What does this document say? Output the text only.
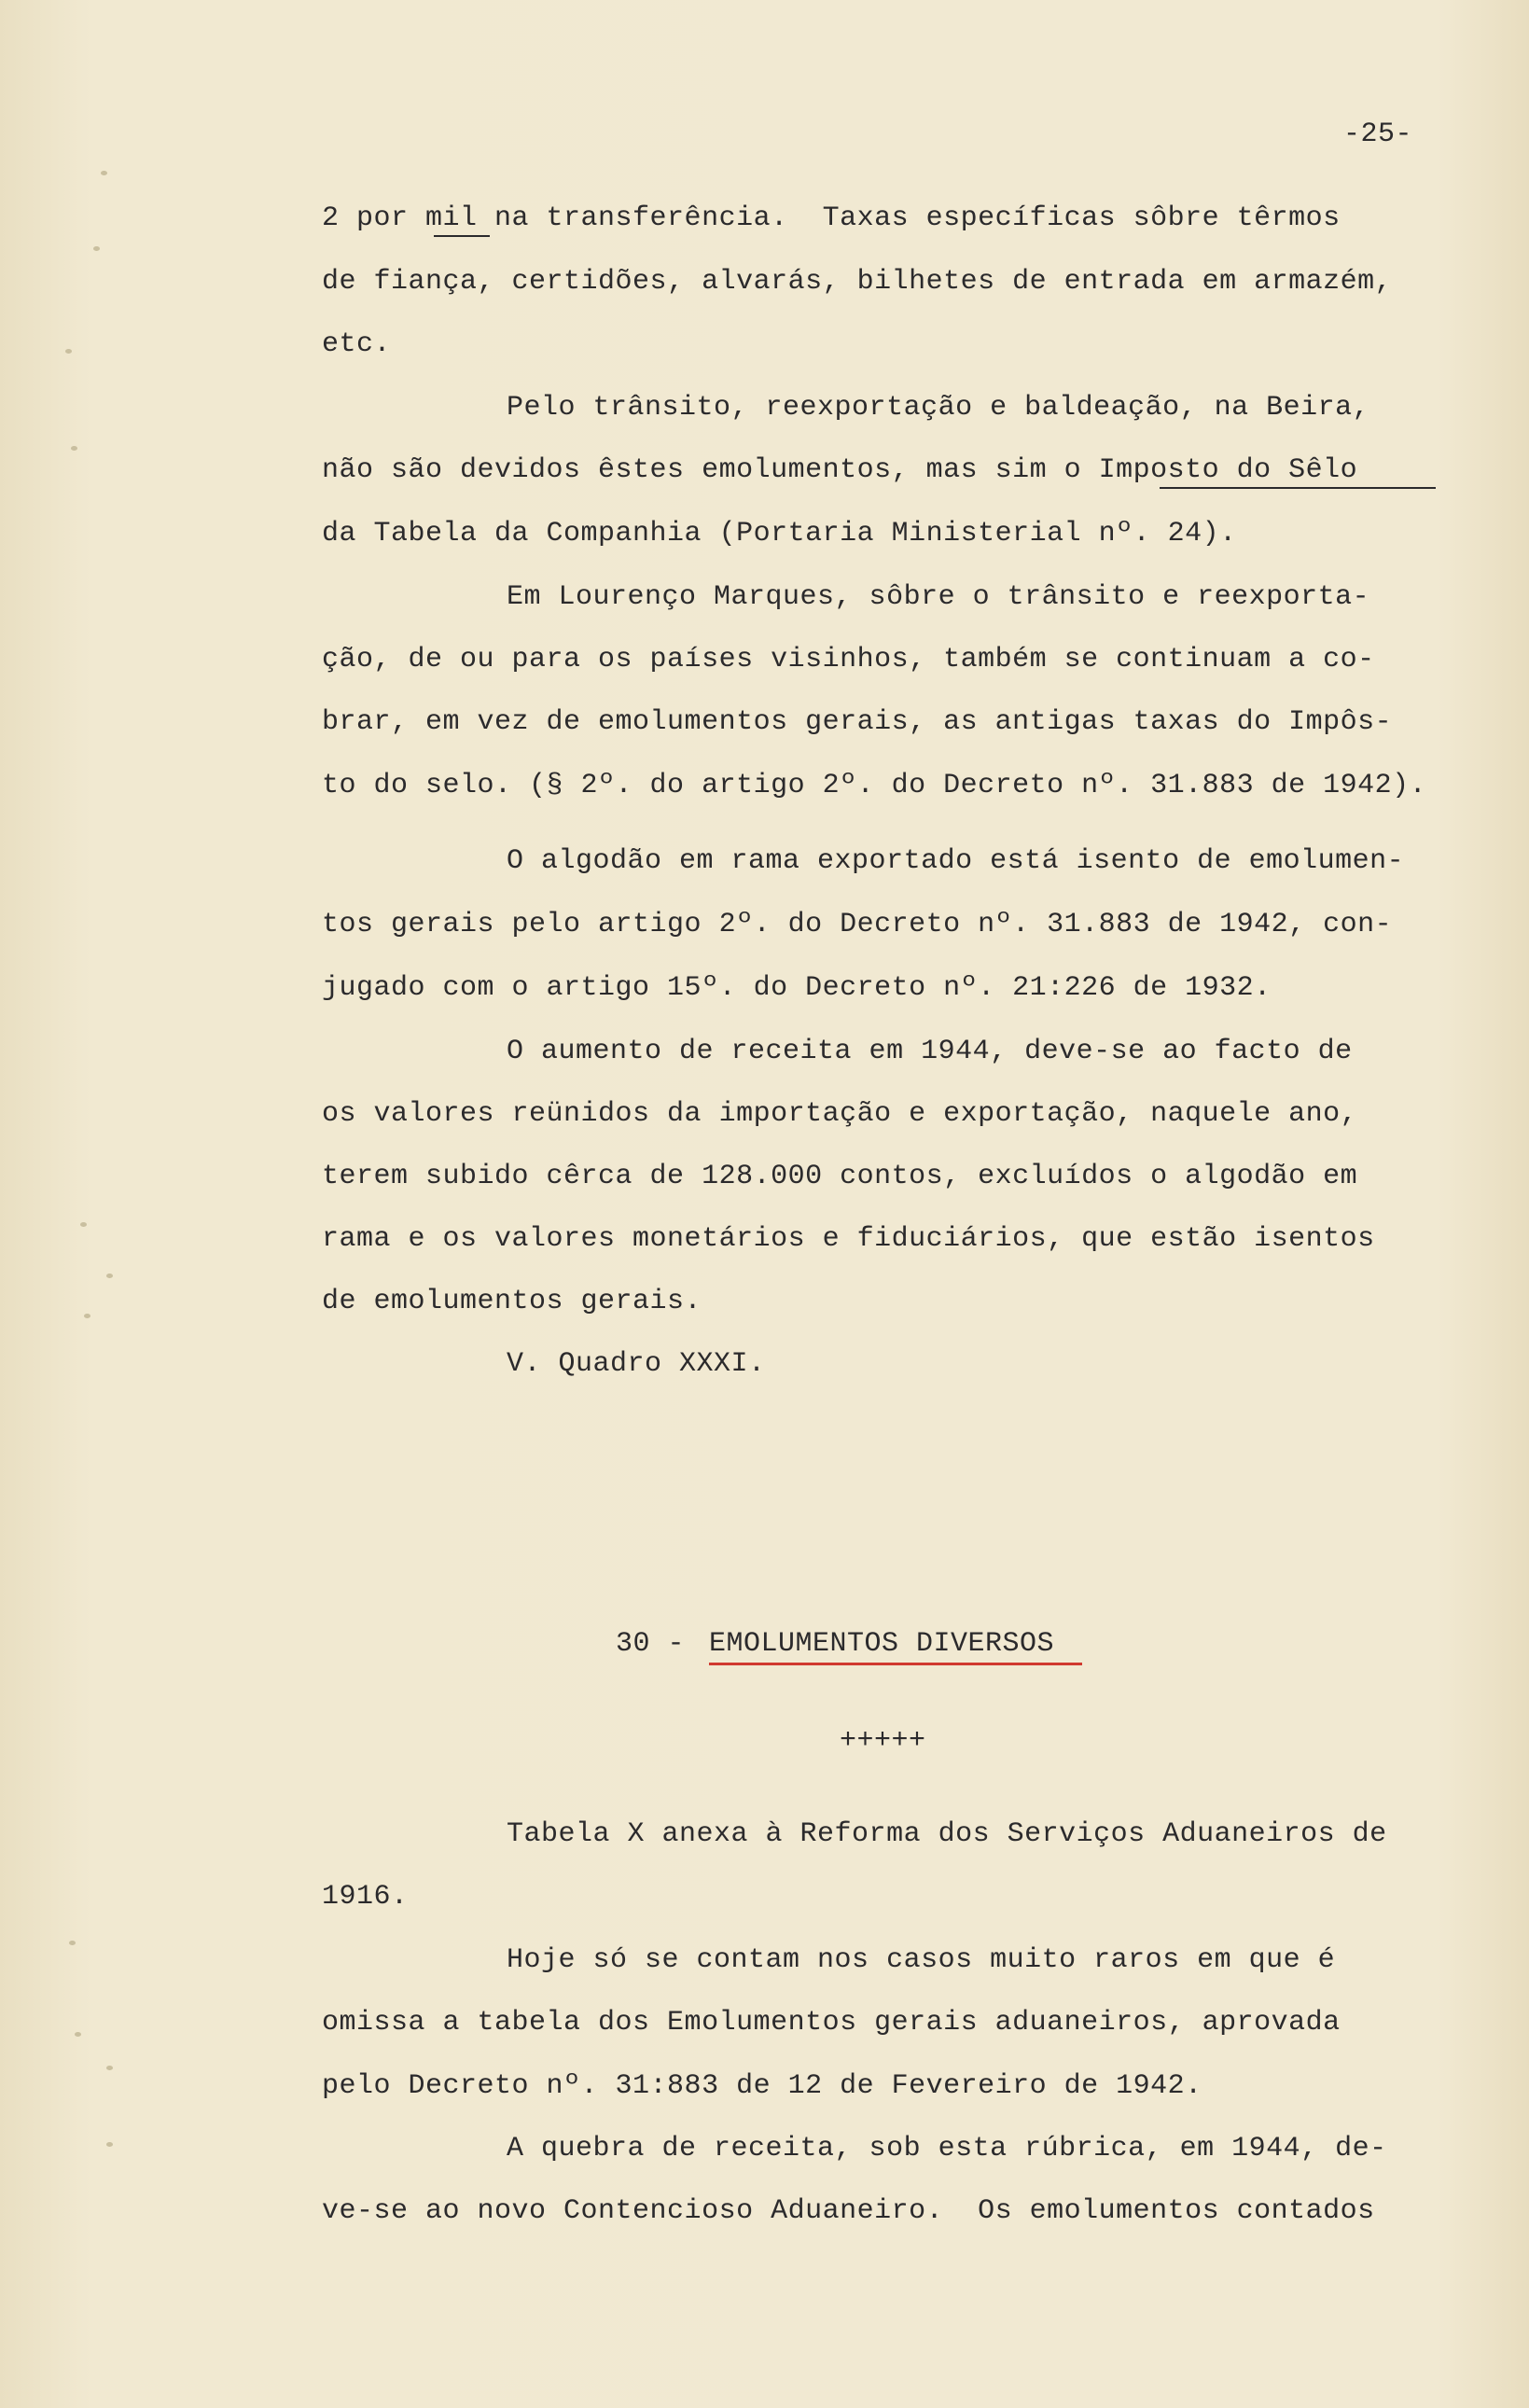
-25-
2 por mil na transferência.  Taxas específicas sôbre têrmos
de fiança, certidões, alvarás, bilhetes de entrada em armazém,
etc.
Pelo trânsito, reexportação e baldeação, na Beira,
não são devidos êstes emolumentos, mas sim o Imposto do Sêlo
da Tabela da Companhia (Portaria Ministerial nº. 24).
Em Lourenço Marques, sôbre o trânsito e reexporta-
ção, de ou para os países visinhos, também se continuam a co-
brar, em vez de emolumentos gerais, as antigas taxas do Impôs-
to do selo. (§ 2º. do artigo 2º. do Decreto nº. 31.883 de 1942).
O algodão em rama exportado está isento de emolumen-
tos gerais pelo artigo 2º. do Decreto nº. 31.883 de 1942, con-
jugado com o artigo 15º. do Decreto nº. 21:226 de 1932.
O aumento de receita em 1944, deve-se ao facto de
os valores reünidos da importação e exportação, naquele ano,
terem subido cêrca de 128.000 contos, excluídos o algodão em
rama e os valores monetários e fiduciários, que estão isentos
de emolumentos gerais.
V. Quadro XXXI.
30 - EMOLUMENTOS DIVERSOS
+++++
Tabela X anexa à Reforma dos Serviços Aduaneiros de
1916.
Hoje só se contam nos casos muito raros em que é
omissa a tabela dos Emolumentos gerais aduaneiros, aprovada
pelo Decreto nº. 31:883 de 12 de Fevereiro de 1942.
A quebra de receita, sob esta rúbrica, em 1944, de-
ve-se ao novo Contencioso Aduaneiro.  Os emolumentos contados
